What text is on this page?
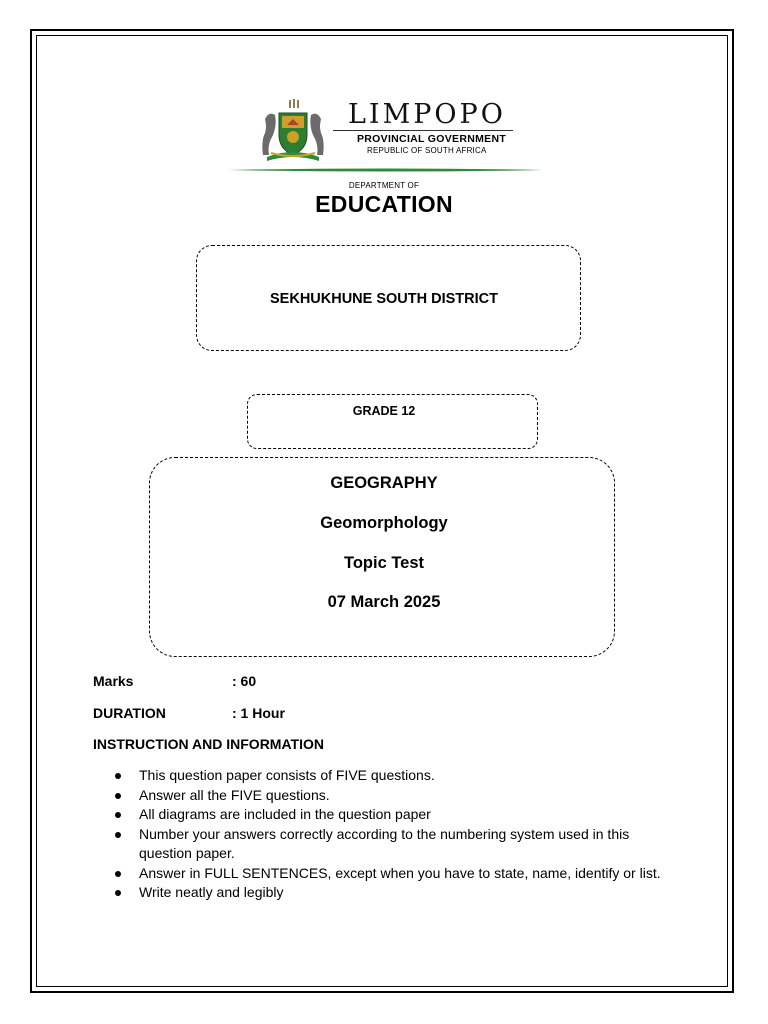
LIMPOPO
PROVINCIAL GOVERNMENT
REPUBLIC OF SOUTH AFRICA
DEPARTMENT OF
EDUCATION
SEKHUKHUNE SOUTH DISTRICT
GRADE 12
GEOGRAPHY
Geomorphology
Topic Test
07 March 2025
Marks	: 60
DURATION	: 1 Hour
INSTRUCTION AND INFORMATION
This question paper consists of FIVE questions.
Answer all the FIVE questions.
All diagrams are included in the question paper
Number your answers correctly according to the numbering system used in this question paper.
Answer in FULL SENTENCES, except when you have to state, name, identify or list.
Write neatly and legibly
